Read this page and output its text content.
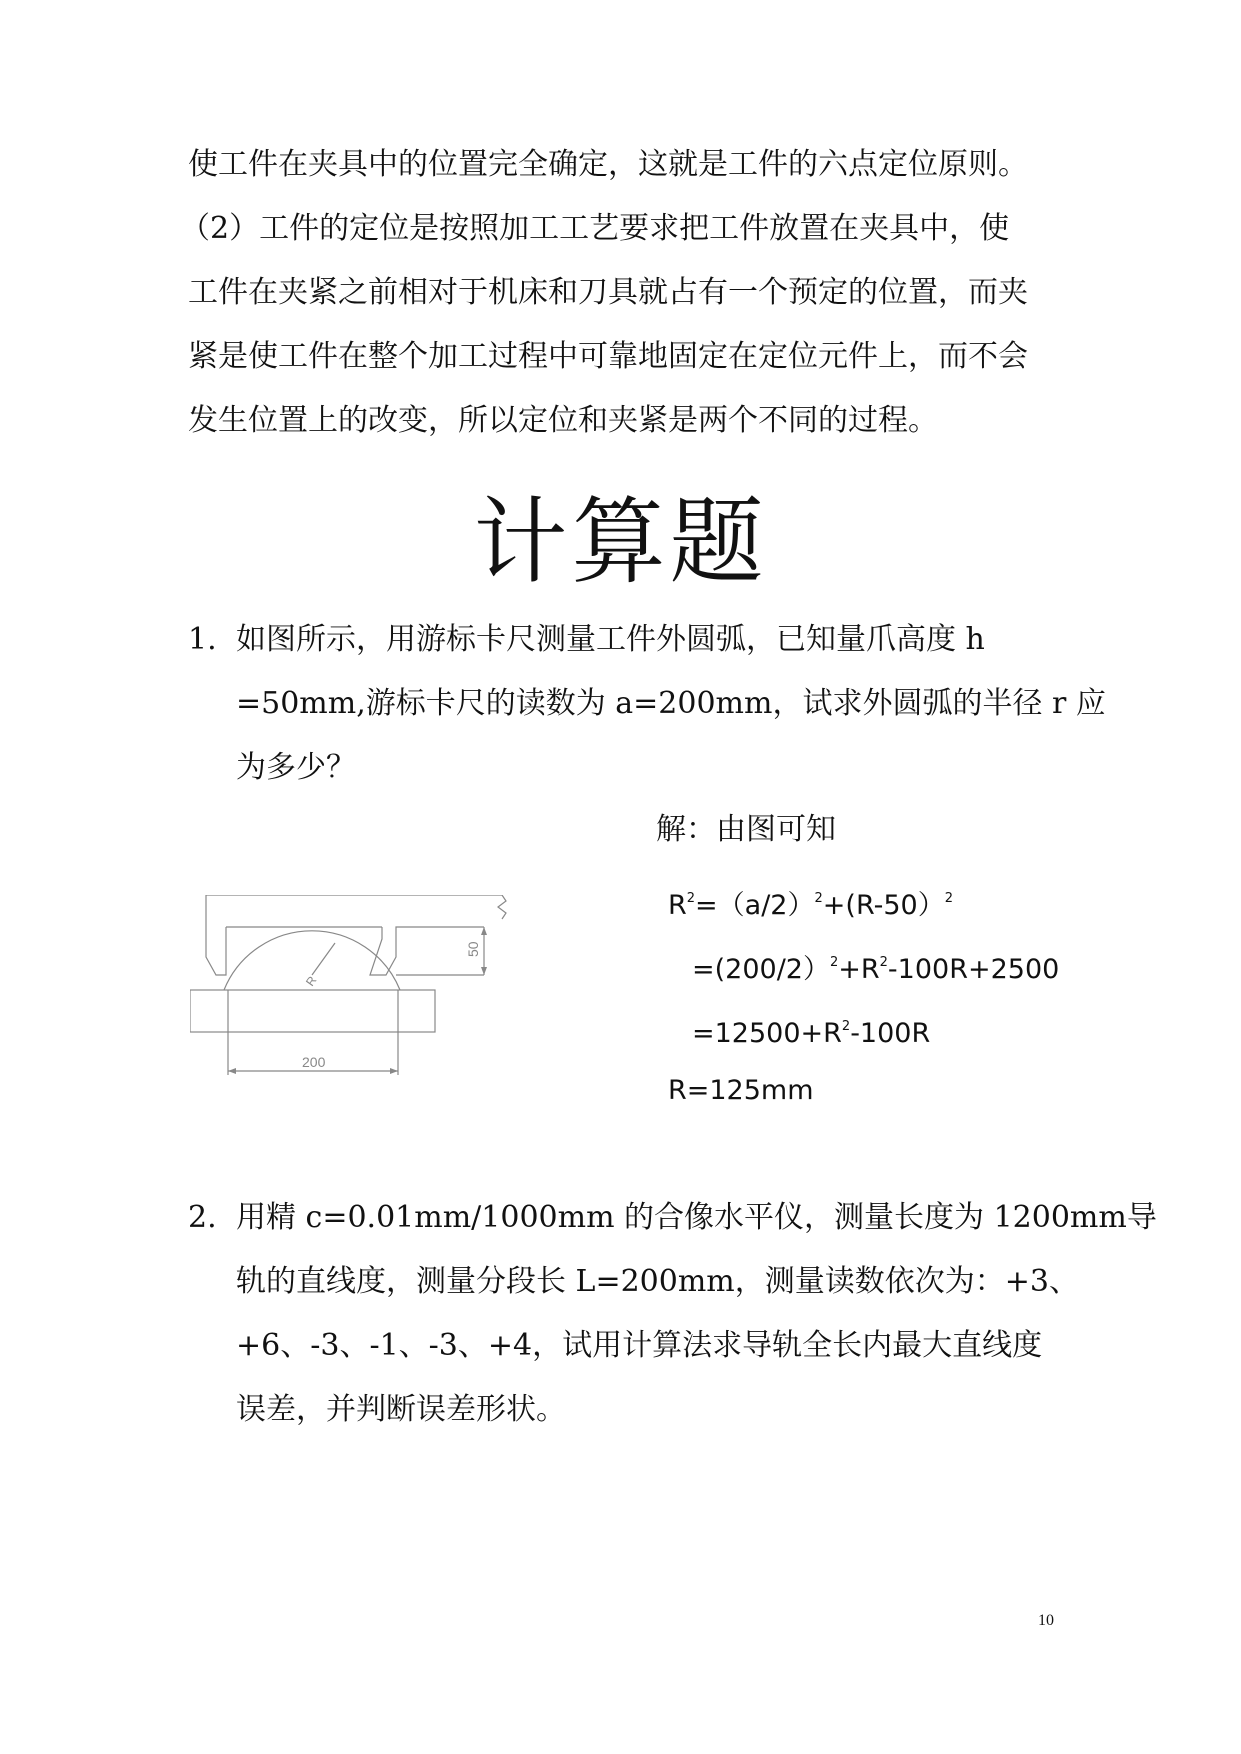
使工件在夹具中的位置完全确定，这就是工件的六点定位原则。
（2）工件的定位是按照加工工艺要求把工件放置在夹具中，使
工件在夹紧之前相对于机床和刀具就占有一个预定的位置，而夹
紧是使工件在整个加工过程中可靠地固定在定位元件上，而不会
发生位置上的改变，所以定位和夹紧是两个不同的过程。
计算题
1. 如图所示，用游标卡尺测量工件外圆弧，已知量爪高度 h
=50mm,游标卡尺的读数为 a=200mm，试求外圆弧的半径 r 应
为多少？
50
200
R
解：由图可知
$R^2=(a/2)^2+(R-50)^2$
$=(200/2)^2+R^2-100R+2500$
$=12500+R^2-100R$
R=125mm
2. 用精 c=0.01mm/1000mm 的合像水平仪，测量长度为 1200mm导
轨的直线度，测量分段长 L=200mm，测量读数依次为：+3、
+6、-3、-1、-3、+4，试用计算法求导轨全长内最大直线度
误差，并判断误差形状。
10
